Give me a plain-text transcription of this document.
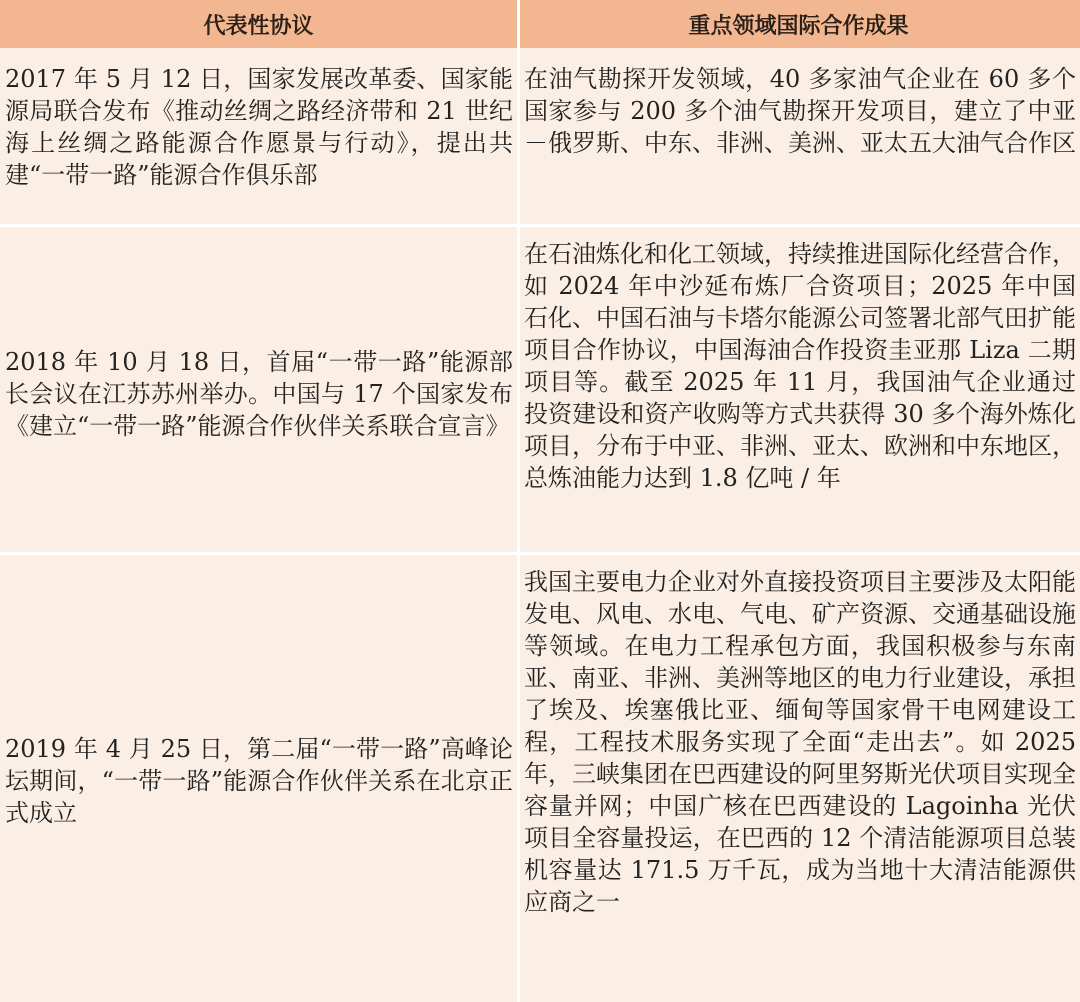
代表性协议	重点领域国际合作成果
2017 年 5 月 12 日，国家发展改革委、国家能源局联合发布《推动丝绸之路经济带和 21 世纪海上丝绸之路能源合作愿景与行动》，提出共建“一带一路”能源合作俱乐部
在油气勘探开发领域，40 多家油气企业在 60 多个国家参与 200 多个油气勘探开发项目，建立了中亚－俄罗斯、中东、非洲、美洲、亚太五大油气合作区
2018 年 10 月 18 日，首届“一带一路”能源部长会议在江苏苏州举办。中国与 17 个国家发布《建立“一带一路”能源合作伙伴关系联合宣言》
在石油炼化和化工领域，持续推进国际化经营合作，如 2024 年中沙延布炼厂合资项目；2025 年中国石化、中国石油与卡塔尔能源公司签署北部气田扩能项目合作协议，中国海油合作投资圭亚那 Liza 二期项目等。截至 2025 年 11 月，我国油气企业通过投资建设和资产收购等方式共获得 30 多个海外炼化项目，分布于中亚、非洲、亚太、欧洲和中东地区，总炼油能力达到 1.8 亿吨 / 年
2019 年 4 月 25 日，第二届“一带一路”高峰论坛期间，“一带一路”能源合作伙伴关系在北京正式成立
我国主要电力企业对外直接投资项目主要涉及太阳能发电、风电、水电、气电、矿产资源、交通基础设施等领域。在电力工程承包方面，我国积极参与东南亚、南亚、非洲、美洲等地区的电力行业建设，承担了埃及、埃塞俄比亚、缅甸等国家骨干电网建设工程，工程技术服务实现了全面“走出去”。如 2025 年，三峡集团在巴西建设的阿里努斯光伏项目实现全容量并网；中国广核在巴西建设的 Lagoinha 光伏项目全容量投运，在巴西的 12 个清洁能源项目总装机容量达 171.5 万千瓦，成为当地十大清洁能源供应商之一
